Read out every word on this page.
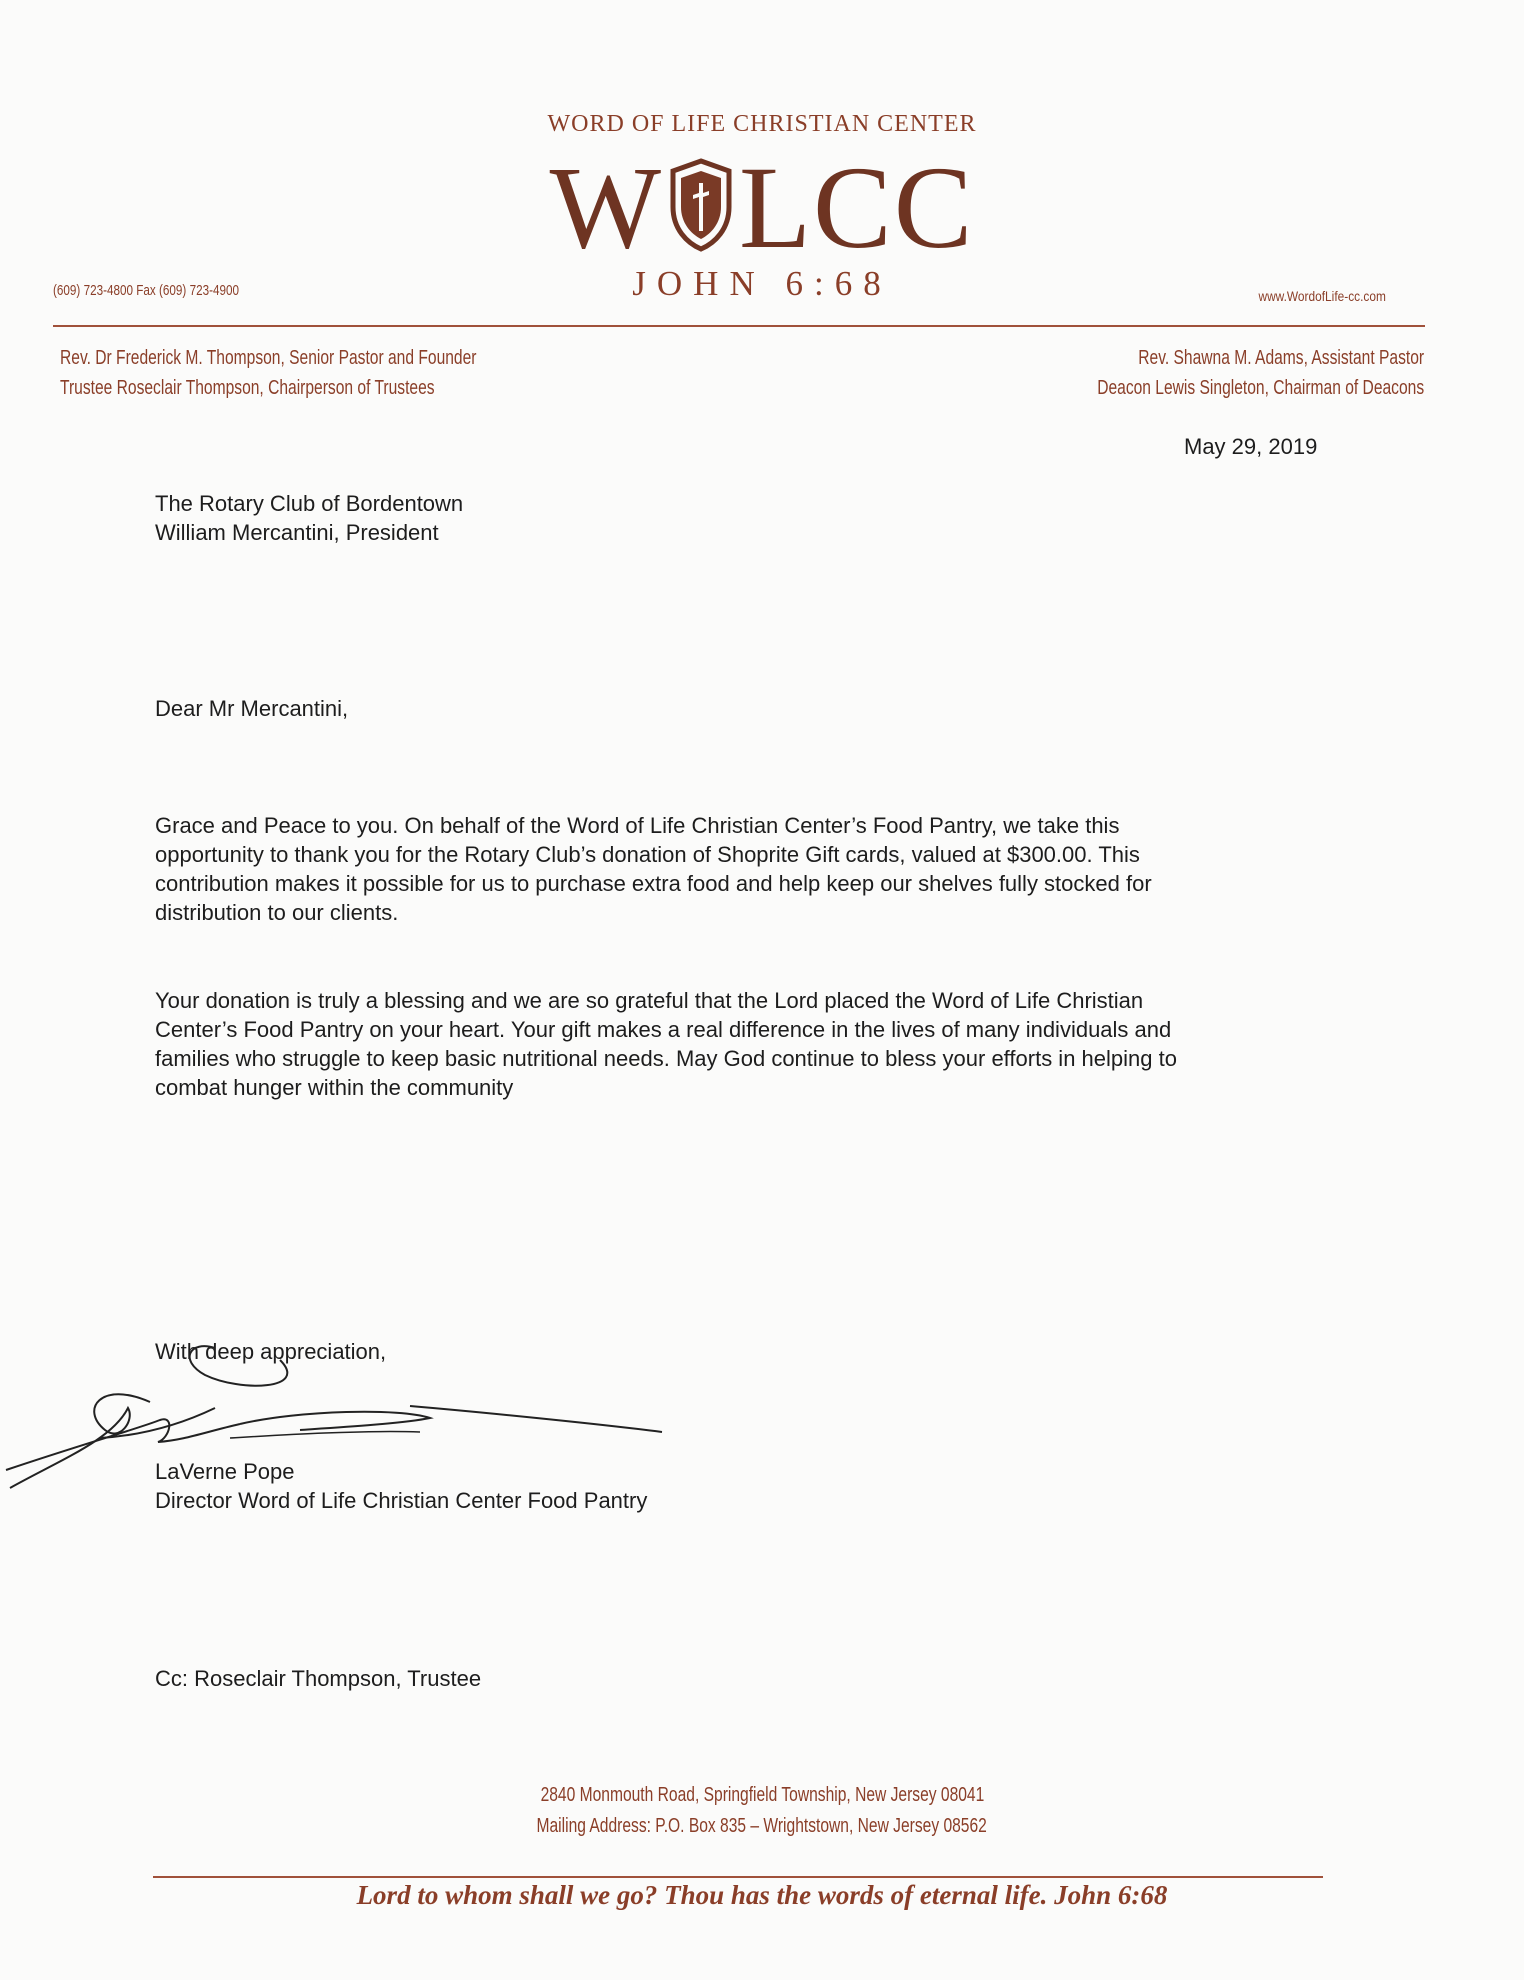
WORD OF LIFE CHRISTIAN CENTER
W LCC
JOHN 6:68
(609) 723-4800 Fax (609) 723-4900	www.WordofLife-cc.com
Rev. Dr Frederick M. Thompson, Senior Pastor and Founder
Trustee Roseclair Thompson, Chairperson of Trustees
Rev. Shawna M. Adams, Assistant Pastor
Deacon Lewis Singleton, Chairman of Deacons
May 29, 2019
The Rotary Club of Bordentown
William Mercantini, President
Dear Mr Mercantini,
Grace and Peace to you. On behalf of the Word of Life Christian Center’s Food Pantry, we take this
opportunity to thank you for the Rotary Club’s donation of Shoprite Gift cards, valued at $300.00. This
contribution makes it possible for us to purchase extra food and help keep our shelves fully stocked for
distribution to our clients.
Your donation is truly a blessing and we are so grateful that the Lord placed the Word of Life Christian
Center’s Food Pantry on your heart. Your gift makes a real difference in the lives of many individuals and
families who struggle to keep basic nutritional needs. May God continue to bless your efforts in helping to
combat hunger within the community
With deep appreciation,
LaVerne Pope
Director Word of Life Christian Center Food Pantry
Cc: Roseclair Thompson, Trustee
2840 Monmouth Road, Springfield Township, New Jersey 08041
Mailing Address: P.O. Box 835 – Wrightstown, New Jersey 08562
Lord to whom shall we go? Thou has the words of eternal life. John 6:68
